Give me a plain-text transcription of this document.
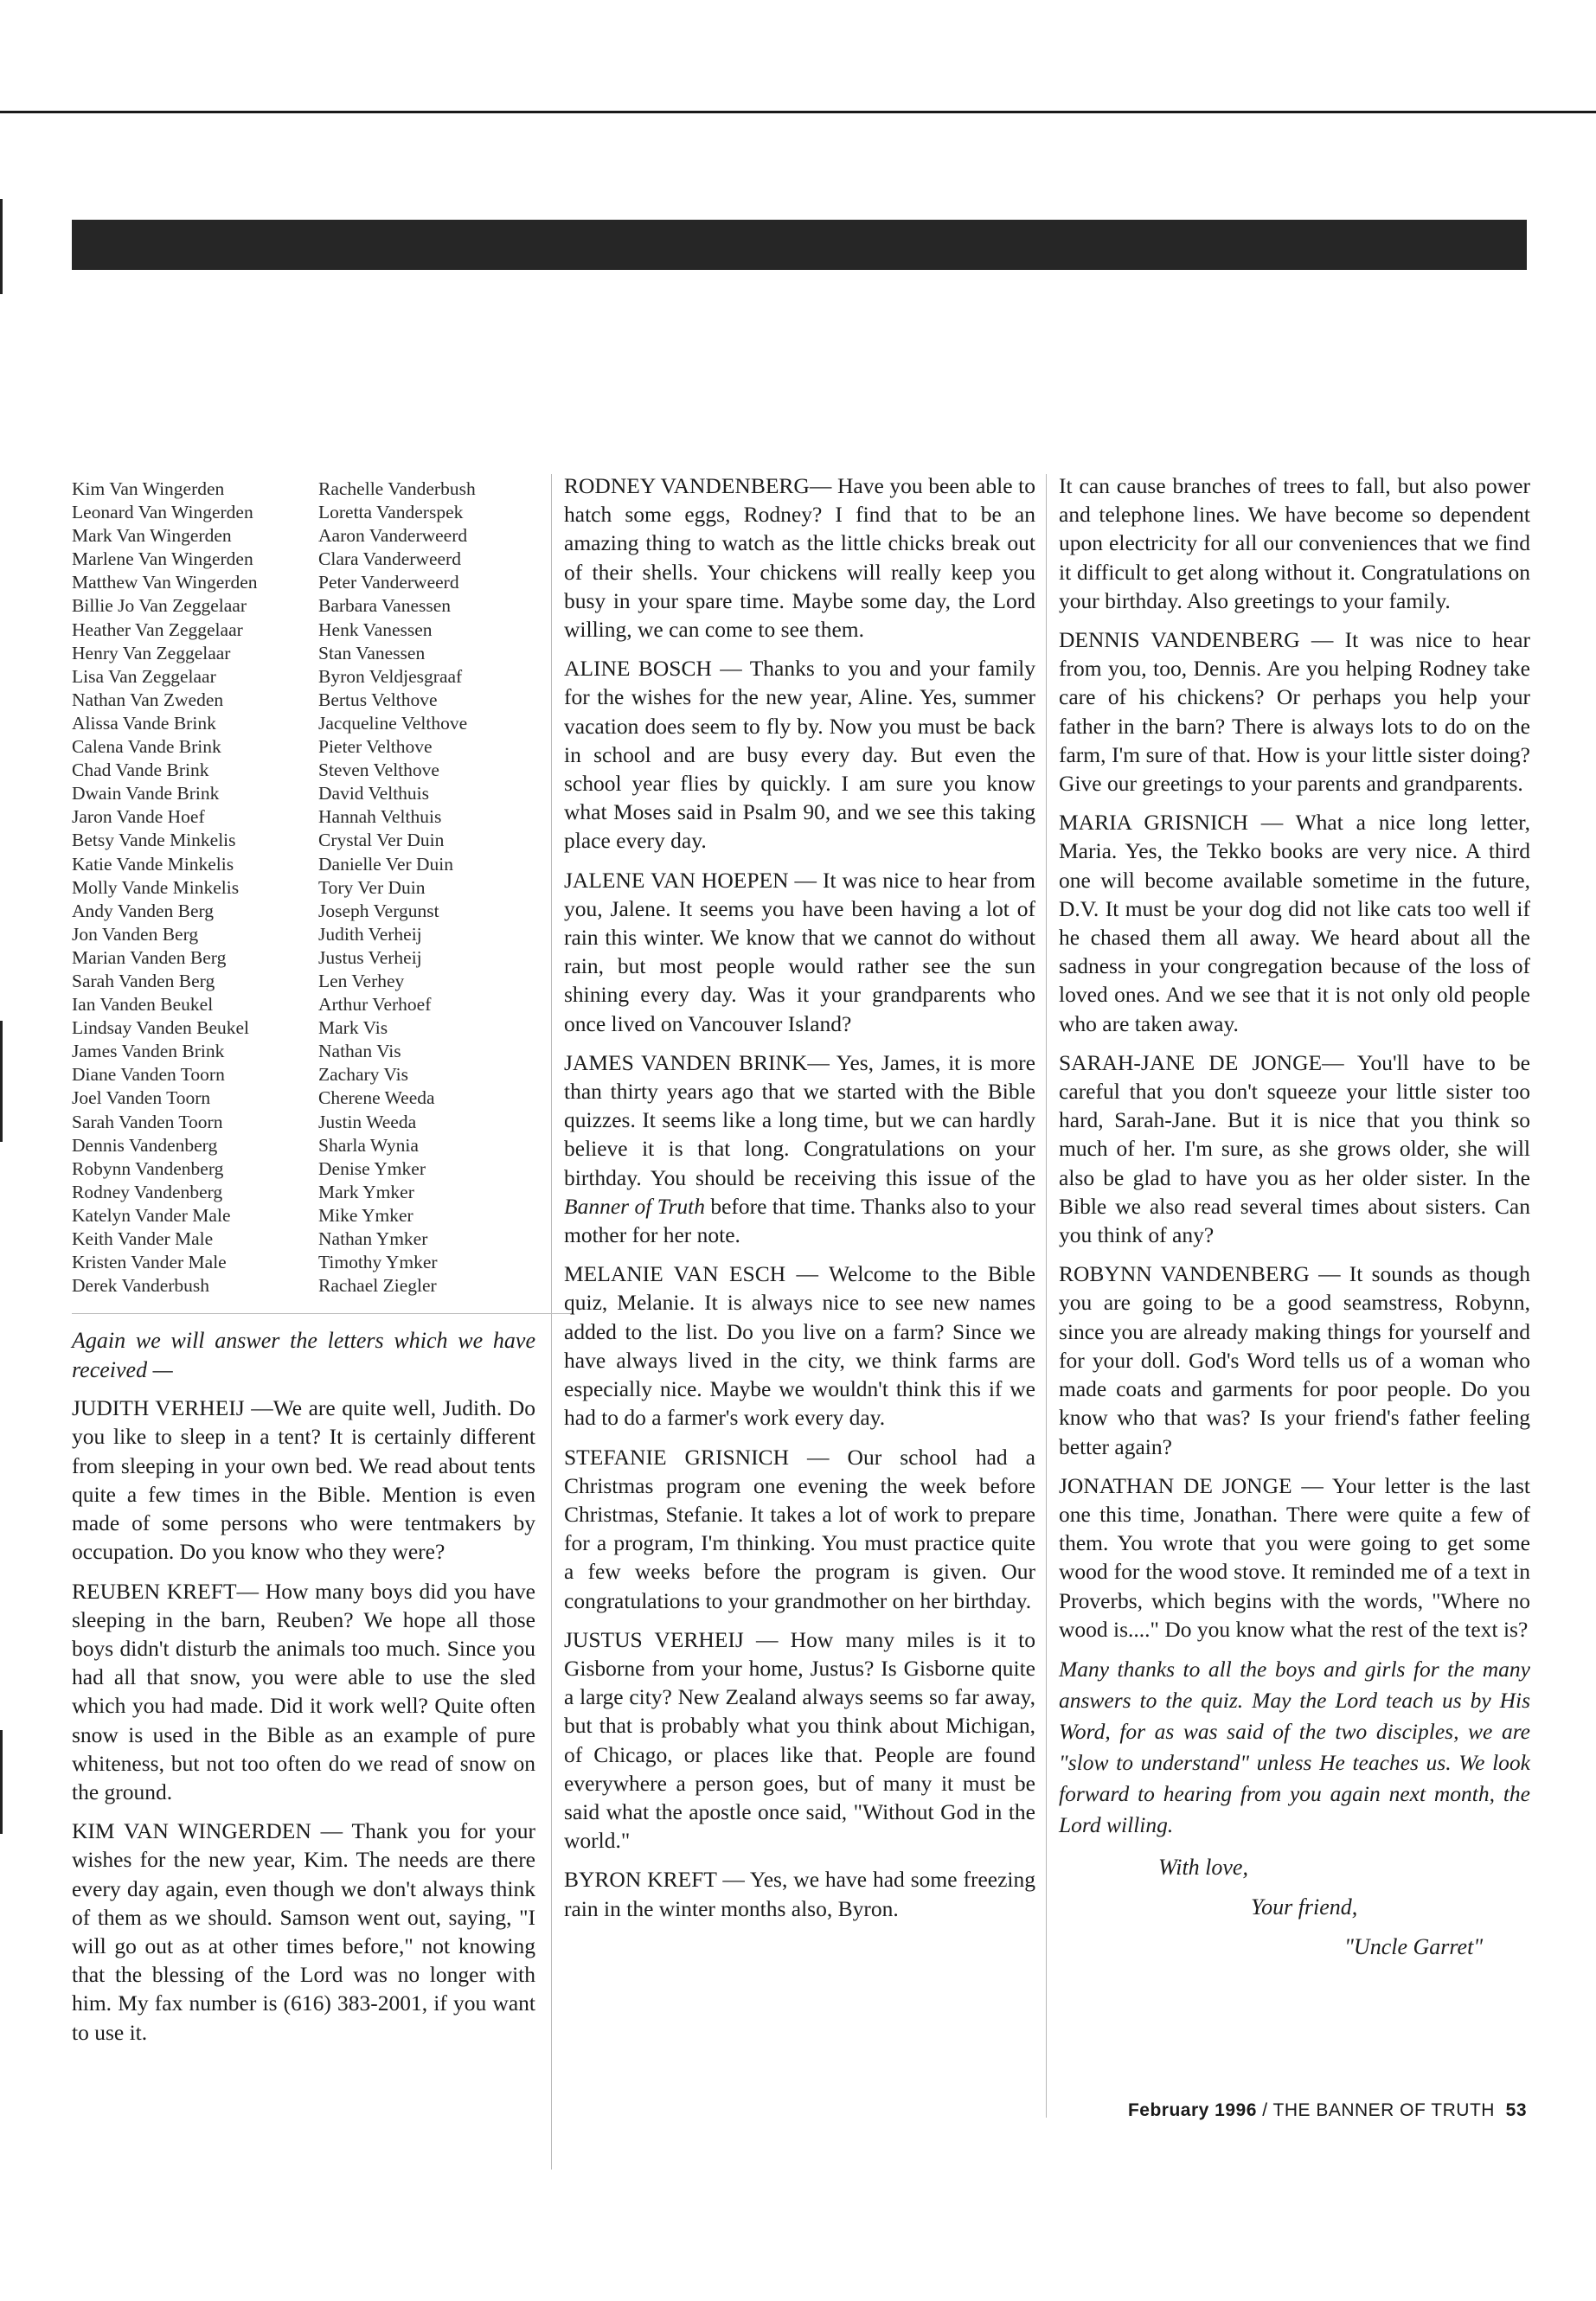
Kim Van Wingerden
Leonard Van Wingerden
Mark Van Wingerden
Marlene Van Wingerden
Matthew Van Wingerden
Billie Jo Van Zeggelaar
Heather Van Zeggelaar
Henry Van Zeggelaar
Lisa Van Zeggelaar
Nathan Van Zweden
Alissa Vande Brink
Calena Vande Brink
Chad Vande Brink
Dwain Vande Brink
Jaron Vande Hoef
Betsy Vande Minkelis
Katie Vande Minkelis
Molly Vande Minkelis
Andy Vanden Berg
Jon Vanden Berg
Marian Vanden Berg
Sarah Vanden Berg
Ian Vanden Beukel
Lindsay Vanden Beukel
James Vanden Brink
Diane Vanden Toorn
Joel Vanden Toorn
Sarah Vanden Toorn
Dennis Vandenberg
Robynn Vandenberg
Rodney Vandenberg
Katelyn Vander Male
Keith Vander Male
Kristen Vander Male
Derek Vanderbush
Rachelle Vanderbush
Loretta Vanderspek
Aaron Vanderweerd
Clara Vanderweerd
Peter Vanderweerd
Barbara Vanessen
Henk Vanessen
Stan Vanessen
Byron Veldjesgraaf
Bertus Velthove
Jacqueline Velthove
Pieter Velthove
Steven Velthove
David Velthuis
Hannah Velthuis
Crystal Ver Duin
Danielle Ver Duin
Tory Ver Duin
Joseph Vergunst
Judith Verheij
Justus Verheij
Len Verhey
Arthur Verhoef
Mark Vis
Nathan Vis
Zachary Vis
Cherene Weeda
Justin Weeda
Sharla Wynia
Denise Ymker
Mark Ymker
Mike Ymker
Nathan Ymker
Timothy Ymker
Rachael Ziegler

Again we will answer the letters which we have received —

JUDITH VERHEIJ —We are quite well, Judith. Do you like to sleep in a tent? It is certainly different from sleeping in your own bed. We read about tents quite a few times in the Bible. Mention is even made of some persons who were tentmakers by occupation. Do you know who they were?

REUBEN KREFT— How many boys did you have sleeping in the barn, Reuben? We hope all those boys didn't disturb the animals too much. Since you had all that snow, you were able to use the sled which you had made. Did it work well? Quite often snow is used in the Bible as an example of pure whiteness, but not too often do we read of snow on the ground.

KIM VAN WINGERDEN — Thank you for your wishes for the new year, Kim. The needs are there every day again, even though we don't always think of them as we should. Samson went out, saying, "I will go out as at other times before," not knowing that the blessing of the Lord was no longer with him. My fax number is (616) 383-2001, if you want to use it.

RODNEY VANDENBERG— Have you been able to hatch some eggs, Rodney? I find that to be an amazing thing to watch as the little chicks break out of their shells. Your chickens will really keep you busy in your spare time. Maybe some day, the Lord willing, we can come to see them.

ALINE BOSCH — Thanks to you and your family for the wishes for the new year, Aline. Yes, summer vacation does seem to fly by. Now you must be back in school and are busy every day. But even the school year flies by quickly. I am sure you know what Moses said in Psalm 90, and we see this taking place every day.

JALENE VAN HOEPEN — It was nice to hear from you, Jalene. It seems you have been having a lot of rain this winter. We know that we cannot do without rain, but most people would rather see the sun shining every day. Was it your grandparents who once lived on Vancouver Island?

JAMES VANDEN BRINK— Yes, James, it is more than thirty years ago that we started with the Bible quizzes. It seems like a long time, but we can hardly believe it is that long. Congratulations on your birthday. You should be receiving this issue of the Banner of Truth before that time. Thanks also to your mother for her note.

MELANIE VAN ESCH — Welcome to the Bible quiz, Melanie. It is always nice to see new names added to the list. Do you live on a farm? Since we have always lived in the city, we think farms are especially nice. Maybe we wouldn't think this if we had to do a farmer's work every day.

STEFANIE GRISNICH — Our school had a Christmas program one evening the week before Christmas, Stefanie. It takes a lot of work to prepare for a program, I'm thinking. You must practice quite a few weeks before the program is given. Our congratulations to your grandmother on her birthday.

JUSTUS VERHEIJ — How many miles is it to Gisborne from your home, Justus? Is Gisborne quite a large city? New Zealand always seems so far away, but that is probably what you think about Michigan, of Chicago, or places like that. People are found everywhere a person goes, but of many it must be said what the apostle once said, "Without God in the world."

BYRON KREFT — Yes, we have had some freezing rain in the winter months also, Byron.

It can cause branches of trees to fall, but also power and telephone lines. We have become so dependent upon electricity for all our conveniences that we find it difficult to get along without it. Congratulations on your birthday. Also greetings to your family.

DENNIS VANDENBERG — It was nice to hear from you, too, Dennis. Are you helping Rodney take care of his chickens? Or perhaps you help your father in the barn? There is always lots to do on the farm, I'm sure of that. How is your little sister doing? Give our greetings to your parents and grandparents.

MARIA GRISNICH — What a nice long letter, Maria. Yes, the Tekko books are very nice. A third one will become available sometime in the future, D.V. It must be your dog did not like cats too well if he chased them all away. We heard about all the sadness in your congregation because of the loss of loved ones. And we see that it is not only old people who are taken away.

SARAH-JANE DE JONGE— You'll have to be careful that you don't squeeze your little sister too hard, Sarah-Jane. But it is nice that you think so much of her. I'm sure, as she grows older, she will also be glad to have you as her older sister. In the Bible we also read several times about sisters. Can you think of any?

ROBYNN VANDENBERG — It sounds as though you are going to be a good seamstress, Robynn, since you are already making things for yourself and for your doll. God's Word tells us of a woman who made coats and garments for poor people. Do you know who that was? Is your friend's father feeling better again?

JONATHAN DE JONGE — Your letter is the last one this time, Jonathan. There were quite a few of them. You wrote that you were going to get some wood for the wood stove. It reminded me of a text in Proverbs, which begins with the words, "Where no wood is...." Do you know what the rest of the text is?

Many thanks to all the boys and girls for the many answers to the quiz. May the Lord teach us by His Word, for as was said of the two disciples, we are "slow to understand" unless He teaches us. We look forward to hearing from you again next month, the Lord willing.

With love,
Your friend,
"Uncle Garret"
February 1996 / THE BANNER OF TRUTH 53
